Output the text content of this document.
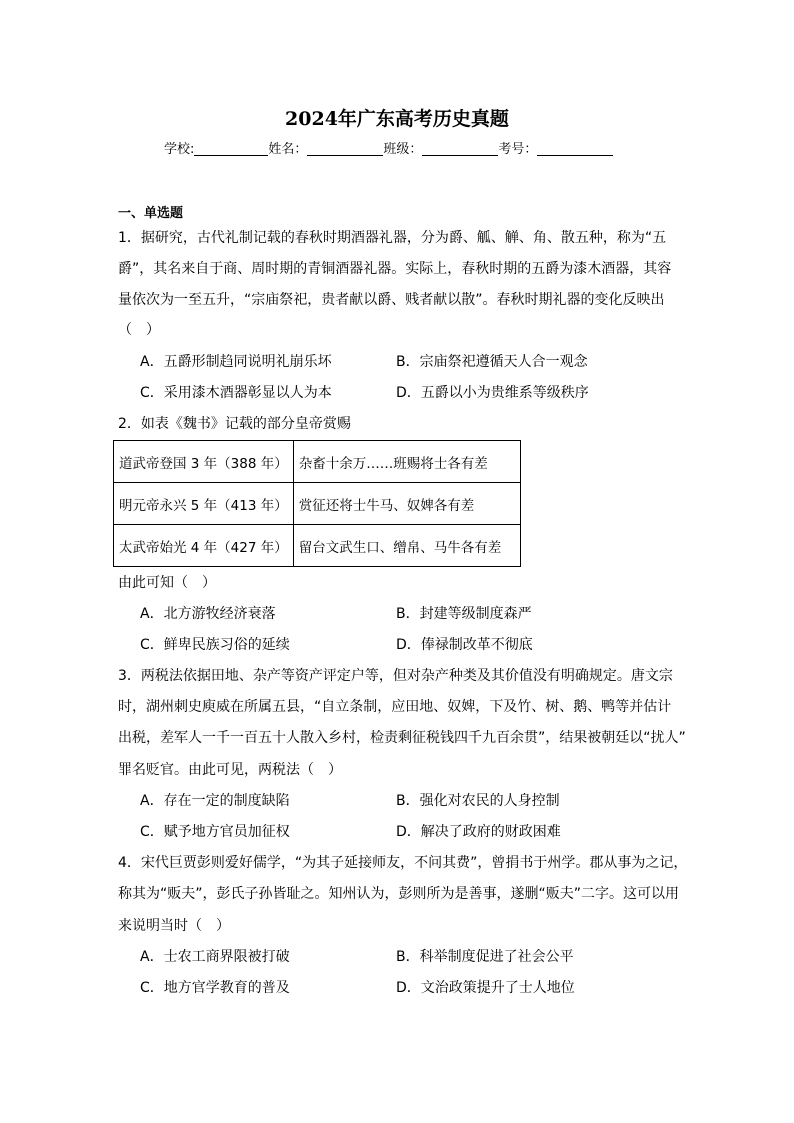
2024年广东高考历史真题
学校:	姓名：	班级：	考号：
一、单选题
1．据研究，古代礼制记载的春秋时期酒器礼器，分为爵、觚、觯、角、散五种，称为“五
爵”，其名来自于商、周时期的青铜酒器礼器。实际上，春秋时期的五爵为漆木酒器，其容
量依次为一至五升，“宗庙祭祀，贵者献以爵、贱者献以散”。春秋时期礼器的变化反映出
（　）
A．五爵形制趋同说明礼崩乐坏	B．宗庙祭祀遵循天人合一观念
C．采用漆木酒器彰显以人为本	D．五爵以小为贵维系等级秩序
2．如表《魏书》记载的部分皇帝赏赐
道武帝登国 3 年（388 年）	杂畜十余万……班赐将士各有差
明元帝永兴 5 年（413 年）	赏征还将士牛马、奴婢各有差
太武帝始光 4 年（427 年）	留台文武生口、缯帛、马牛各有差
由此可知（　）
A．北方游牧经济衰落	B．封建等级制度森严
C．鲜卑民族习俗的延续	D．俸禄制改革不彻底
3．两税法依据田地、杂产等资产评定户等，但对杂产种类及其价值没有明确规定。唐文宗
时，湖州刺史庾威在所属五县，“自立条制，应田地、奴婢，下及竹、树、鹅、鸭等并估计
出税，差军人一千一百五十人散入乡村，检责剩征税钱四千九百余贯”，结果被朝廷以“扰人”
罪名贬官。由此可见，两税法（　）
A．存在一定的制度缺陷	B．强化对农民的人身控制
C．赋予地方官员加征权	D．解决了政府的财政困难
4．宋代巨贾彭则爱好儒学，“为其子延接师友，不问其费”，曾捐书于州学。郡从事为之记，
称其为“贩夫”，彭氏子孙皆耻之。知州认为，彭则所为是善事，遂删“贩夫”二字。这可以用
来说明当时（　）
A．士农工商界限被打破	B．科举制度促进了社会公平
C．地方官学教育的普及	D．文治政策提升了士人地位
